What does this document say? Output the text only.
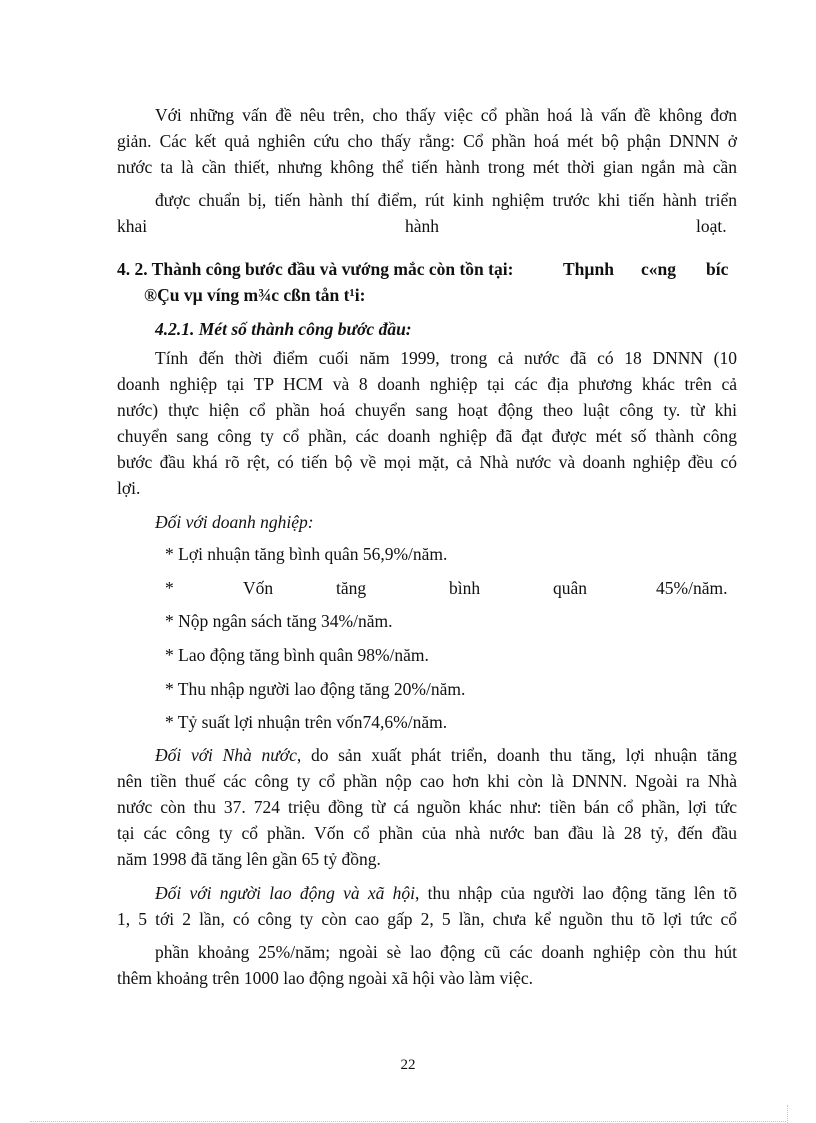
Với những vấn đề nêu trên, cho thấy việc cổ phần hoá là vấn đề không đơn
giản. Các kết quả nghiên cứu cho thấy rằng: Cổ phần hoá mét bộ phận DNNN ở
nước ta là cần thiết, nhưng không thể tiến hành trong mét thời gian ngắn mà cần
được chuẩn bị, tiến hành thí điểm, rút kinh nghiệm trước khi tiến hành triển
khai	hành	loạt.
4. 2. Thành công bước đầu và vướng mắc còn tồn tại:	Thµnh c«ng bíc
®Çu vµ víng m¾c cßn tån t¹i:
4.2.1. Mét số thành công bước đầu:
Tính đến thời điểm cuối năm 1999, trong cả nước đã có 18 DNNN (10
doanh nghiệp tại TP HCM và 8 doanh nghiệp tại các địa phương khác trên cả
nước) thực hiện cổ phần hoá chuyển sang hoạt động theo luật công ty. từ khi
chuyển sang công ty cổ phần, các doanh nghiệp đã đạt được mét số thành công
bước đầu khá rõ rệt, có tiến bộ về mọi mặt, cả Nhà nước và doanh nghiệp đều có
lợi.
Đối với doanh nghiệp:
* Lợi nhuận tăng bình quân 56,9%/năm.
*	Vốn	tăng	bình	quân	45%/năm.
* Nộp ngân sách tăng 34%/năm.
* Lao động tăng bình quân 98%/năm.
* Thu nhập người lao động tăng 20%/năm.
* Tỷ suất lợi nhuận trên vốn74,6%/năm.
Đối với Nhà nước, do sản xuất phát triển, doanh thu tăng, lợi nhuận tăng
nên tiền thuế các công ty cổ phần nộp cao hơn khi còn là DNNN. Ngoài ra Nhà
nước còn thu 37. 724 triệu đồng từ cá nguồn khác như: tiền bán cổ phần, lợi tức
tại các công ty cổ phần. Vốn cổ phần của nhà nước ban đầu là 28 tỷ, đến đầu
năm 1998 đã tăng lên gần 65 tỷ đồng.
Đối với người lao động và xã hội, thu nhập của người lao động tăng lên tõ
1, 5 tới 2 lần, có công ty còn cao gấp 2, 5 lần, chưa kể nguồn thu tõ lợi tức cổ
phần khoảng 25%/năm; ngoài sè lao động cũ các doanh nghiệp còn thu hút
thêm khoảng trên 1000 lao động ngoài xã hội vào làm việc.
22
